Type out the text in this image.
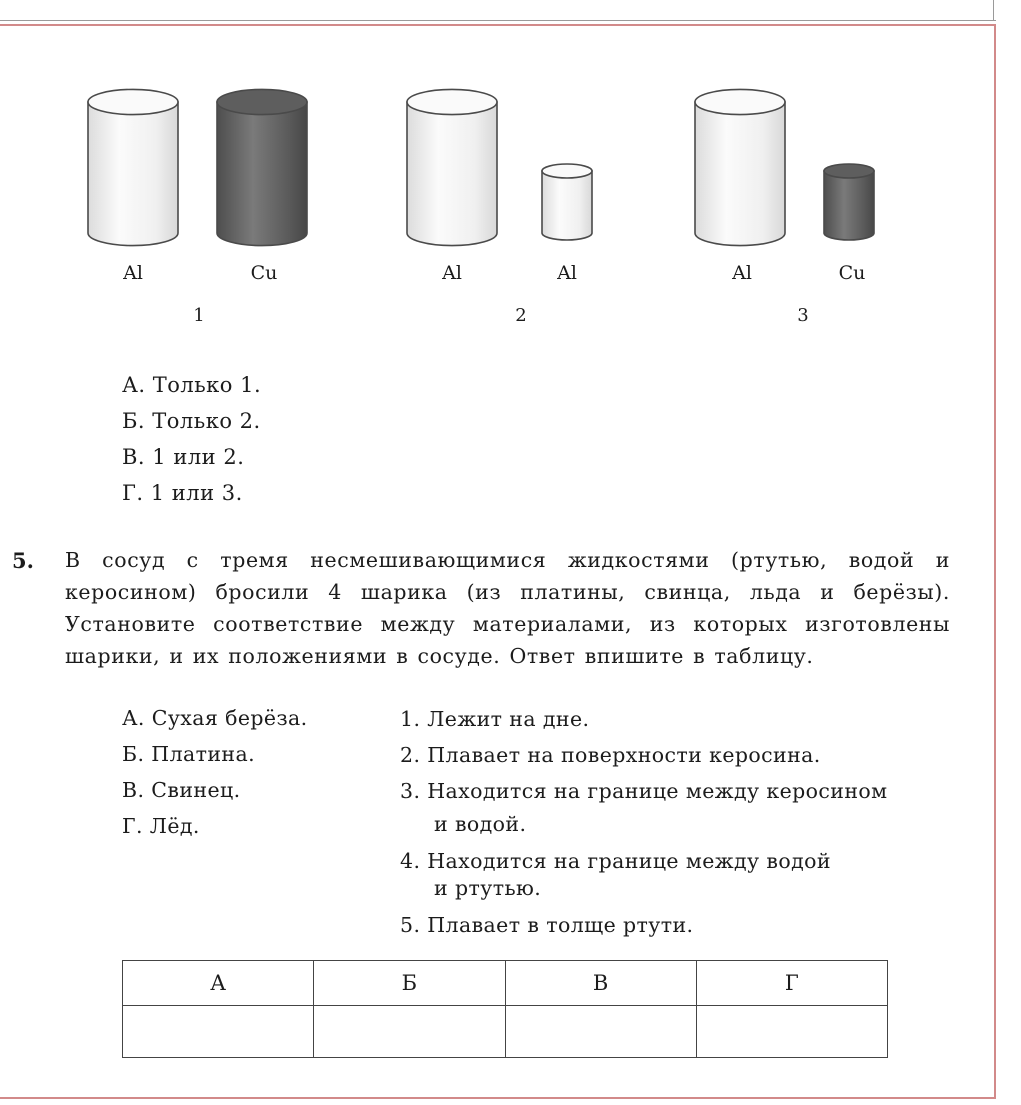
Al	Cu
1
Al	Al
2
Al	Cu
3
А. Только 1.
Б. Только 2.
В. 1 или 2.
Г. 1 или 3.
5. В сосуд с тремя несмешивающимися жидкостями (ртутью, водой и керосином) бросили 4 шарика (из платины, свинца, льда и берёзы). Установите соответствие между материалами, из которых изготовлены шарики, и их положениями в сосуде. Ответ впишите в таблицу.
А. Сухая берёза.
Б. Платина.
В. Свинец.
Г. Лёд.
1. Лежит на дне.
2. Плавает на поверхности керосина.
3. Находится на границе между керосином
и водой.
4. Находится на границе между водой
и ртутью.
5. Плавает в толще ртути.
А	Б	В	Г
